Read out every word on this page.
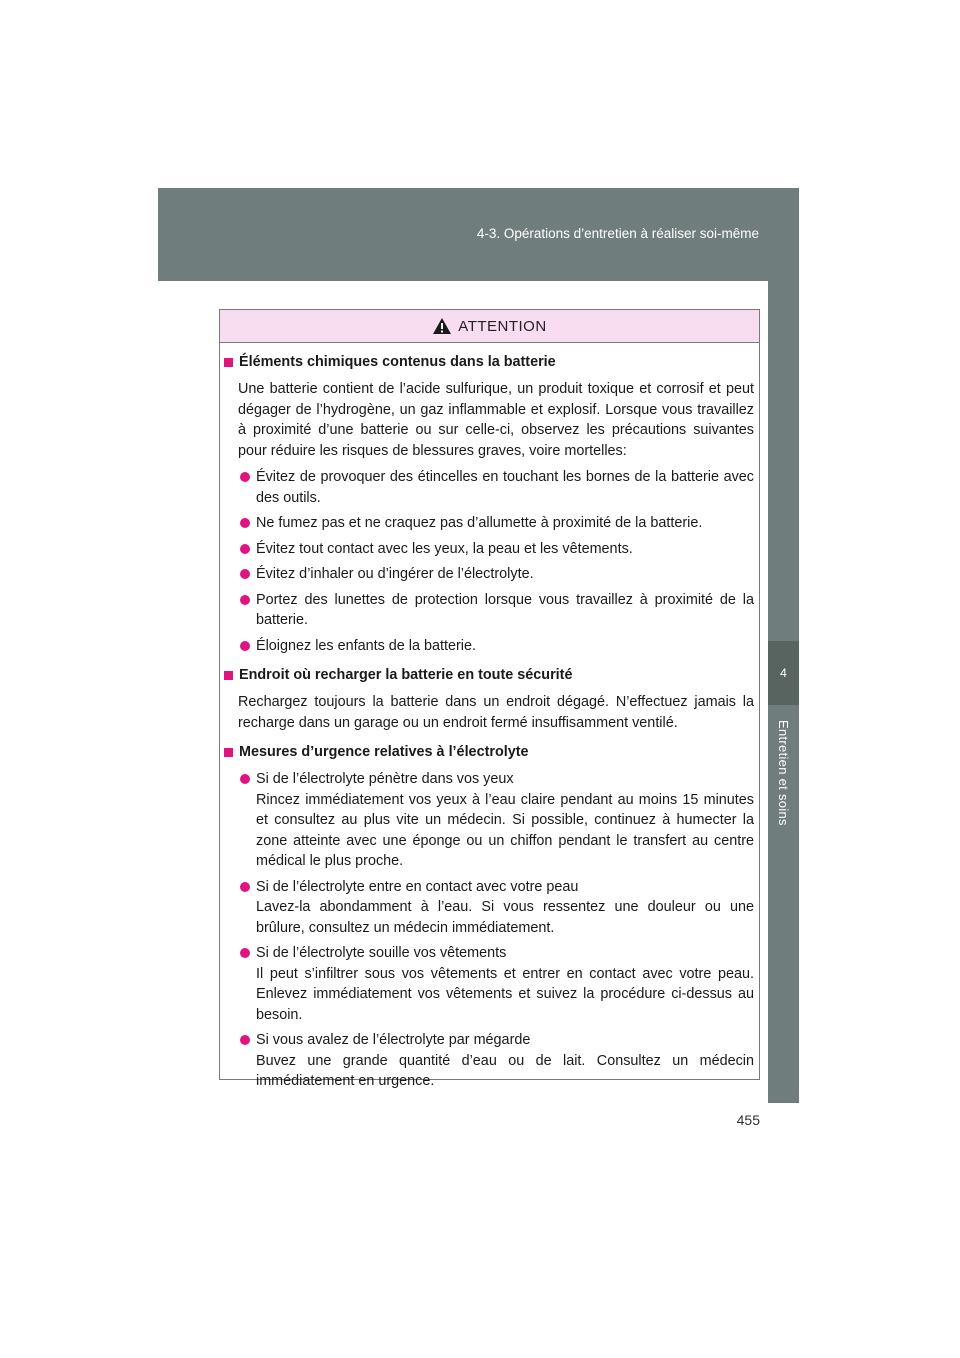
4-3. Opérations d’entretien à réaliser soi-même
4
Entretien et soins
ATTENTION
Éléments chimiques contenus dans la batterie
Une batterie contient de l’acide sulfurique, un produit toxique et corrosif et peut dégager de l’hydrogène, un gaz inflammable et explosif. Lorsque vous travaillez à proximité d’une batterie ou sur celle-ci, observez les précautions suivantes pour réduire les risques de blessures graves, voire mortelles:
Évitez de provoquer des étincelles en touchant les bornes de la batterie avec des outils.
Ne fumez pas et ne craquez pas d’allumette à proximité de la batterie.
Évitez tout contact avec les yeux, la peau et les vêtements.
Évitez d’inhaler ou d’ingérer de l’électrolyte.
Portez des lunettes de protection lorsque vous travaillez à proximité de la batterie.
Éloignez les enfants de la batterie.
Endroit où recharger la batterie en toute sécurité
Rechargez toujours la batterie dans un endroit dégagé. N’effectuez jamais la recharge dans un garage ou un endroit fermé insuffisamment ventilé.
Mesures d’urgence relatives à l’électrolyte
Si de l’électrolyte pénètre dans vos yeux
Rincez immédiatement vos yeux à l’eau claire pendant au moins 15 minutes et consultez au plus vite un médecin. Si possible, continuez à humecter la zone atteinte avec une éponge ou un chiffon pendant le transfert au centre médical le plus proche.
Si de l’électrolyte entre en contact avec votre peau
Lavez-la abondamment à l’eau. Si vous ressentez une douleur ou une brûlure, consultez un médecin immédiatement.
Si de l’électrolyte souille vos vêtements
Il peut s’infiltrer sous vos vêtements et entrer en contact avec votre peau. Enlevez immédiatement vos vêtements et suivez la procédure ci-dessus au besoin.
Si vous avalez de l’électrolyte par mégarde
Buvez une grande quantité d’eau ou de lait. Consultez un médecin immédiatement en urgence.
455
